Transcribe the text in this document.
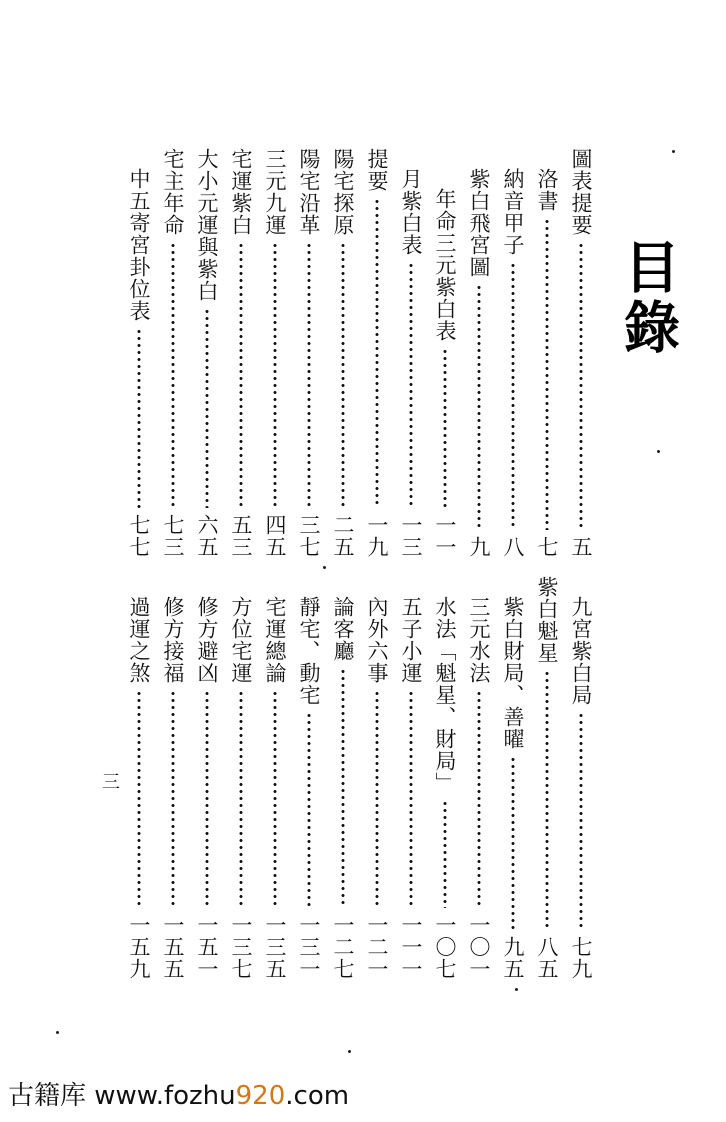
目錄
圖表提要
五
洛書
七
納音甲子
八
紫白飛宮圖
九
年命三元紫白表
一一
月紫白表
一三
提要
一九
陽宅探原
二五
陽宅沿革
三七
三元九運
四五
宅運紫白
五三
大小元運與紫白
六五
宅主年命
七三
中五寄宮卦位表
七七
九宮紫白局
七九
紫白魁星
八五
紫白財局、善曜
九五
三元水法
一〇一
水法「魁星、財局」
一〇七
五子小運
一一一
內外六事
一二一
論客廳
一二七
靜宅、動宅
一三一
宅運總論
一三五
方位宅運
一三七
修方避凶
一五一
修方接福
一五五
過運之煞
一五九
三
古籍库 www.fozhu920.com
